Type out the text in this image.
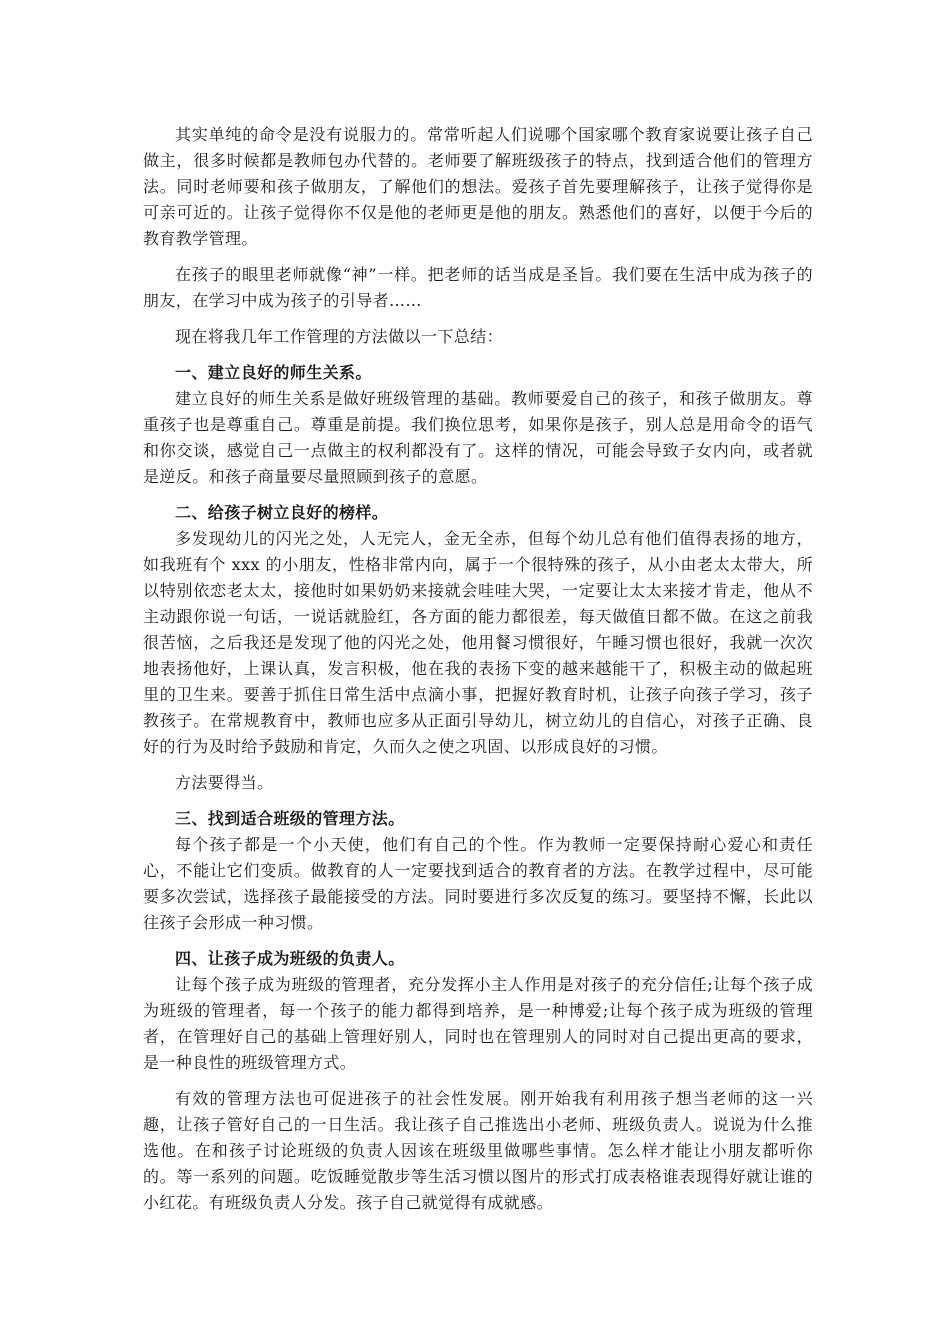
其实单纯的命令是没有说服力的。常常听起人们说哪个国家哪个教育家说要让孩子自己做主，很多时候都是教师包办代替的。老师要了解班级孩子的特点，找到适合他们的管理方法。同时老师要和孩子做朋友，了解他们的想法。爱孩子首先要理解孩子，让孩子觉得你是可亲可近的。让孩子觉得你不仅是他的老师更是他的朋友。熟悉他们的喜好，以便于今后的教育教学管理。

在孩子的眼里老师就像“神”一样。把老师的话当成是圣旨。我们要在生活中成为孩子的朋友，在学习中成为孩子的引导者……

现在将我几年工作管理的方法做以一下总结：

一、建立良好的师生关系。

建立良好的师生关系是做好班级管理的基础。教师要爱自己的孩子，和孩子做朋友。尊重孩子也是尊重自己。尊重是前提。我们换位思考，如果你是孩子，别人总是用命令的语气和你交谈，感觉自己一点做主的权利都没有了。这样的情况，可能会导致子女内向，或者就是逆反。和孩子商量要尽量照顾到孩子的意愿。

二、给孩子树立良好的榜样。

多发现幼儿的闪光之处，人无完人，金无全赤，但每个幼儿总有他们值得表扬的地方，如我班有个 xxx 的小朋友，性格非常内向，属于一个很特殊的孩子，从小由老太太带大，所以特别依恋老太太，接他时如果奶奶来接就会哇哇大哭，一定要让太太来接才肯走，他从不主动跟你说一句话，一说话就脸红，各方面的能力都很差，每天做值日都不做。在这之前我很苦恼，之后我还是发现了他的闪光之处，他用餐习惯很好，午睡习惯也很好，我就一次次地表扬他好，上课认真，发言积极，他在我的表扬下变的越来越能干了，积极主动的做起班里的卫生来。要善于抓住日常生活中点滴小事，把握好教育时机，让孩子向孩子学习，孩子教孩子。在常规教育中，教师也应多从正面引导幼儿，树立幼儿的自信心，对孩子正确、良好的行为及时给予鼓励和肯定，久而久之使之巩固、以形成良好的习惯。

方法要得当。

三、找到适合班级的管理方法。

每个孩子都是一个小天使，他们有自己的个性。作为教师一定要保持耐心爱心和责任心，不能让它们变质。做教育的人一定要找到适合的教育者的方法。在教学过程中，尽可能要多次尝试，选择孩子最能接受的方法。同时要进行多次反复的练习。要坚持不懈，长此以往孩子会形成一种习惯。

四、让孩子成为班级的负责人。

让每个孩子成为班级的管理者，充分发挥小主人作用是对孩子的充分信任;让每个孩子成为班级的管理者，每一个孩子的能力都得到培养，是一种博爱;让每个孩子成为班级的管理者，在管理好自己的基础上管理好别人，同时也在管理别人的同时对自己提出更高的要求，是一种良性的班级管理方式。

有效的管理方法也可促进孩子的社会性发展。刚开始我有利用孩子想当老师的这一兴趣，让孩子管好自己的一日生活。我让孩子自己推选出小老师、班级负责人。说说为什么推选他。在和孩子讨论班级的负责人因该在班级里做哪些事情。怎么样才能让小朋友都听你的。等一系列的问题。吃饭睡觉散步等生活习惯以图片的形式打成表格谁表现得好就让谁的小红花。有班级负责人分发。孩子自己就觉得有成就感。
